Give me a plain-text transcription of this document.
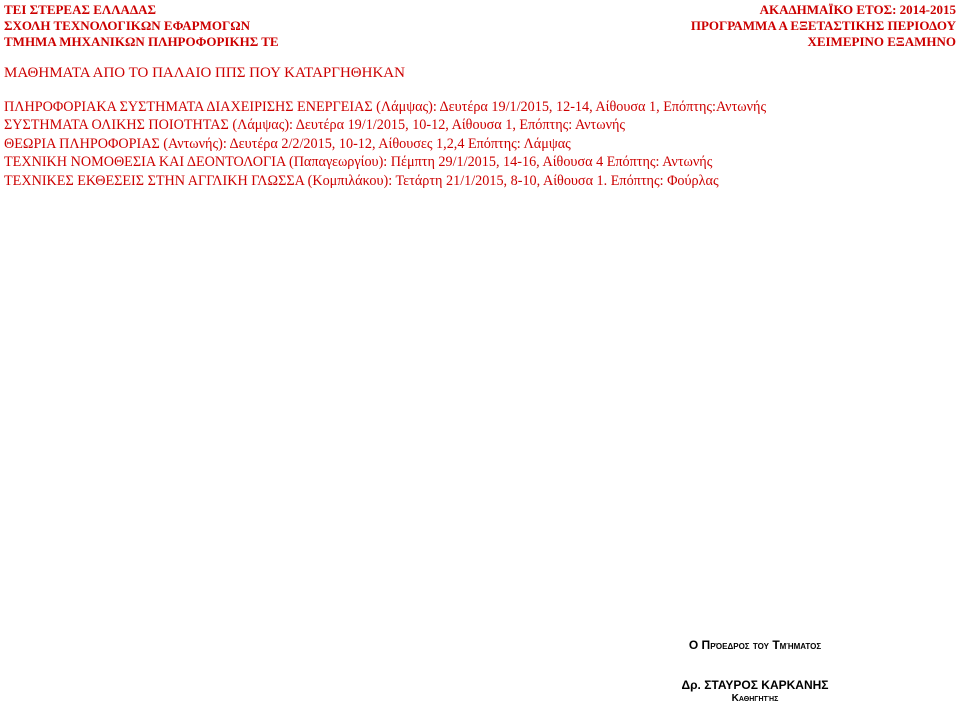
ΤΕΙ ΣΤΕΡΕΑΣ ΕΛΛΑΔΑΣ
ΣΧΟΛΗ ΤΕΧΝΟΛΟΓΙΚΩΝ ΕΦΑΡΜΟΓΩΝ
ΤΜΗΜΑ ΜΗΧΑΝΙΚΩΝ ΠΛΗΡΟΦΟΡΙΚΗΣ ΤΕ
ΑΚΑΔΗΜΑΪΚΟ ΕΤΟΣ: 2014-2015
ΠΡΟΓΡΑΜΜΑ Α ΕΞΕΤΑΣΤΙΚΗΣ ΠΕΡΙΟΔΟΥ
ΧΕΙΜΕΡΙΝΟ ΕΞΑΜΗΝΟ
ΜΑΘΗΜΑΤΑ ΑΠΟ ΤΟ ΠΑΛΑΙΟ ΠΠΣ ΠΟΥ ΚΑΤΑΡΓΗΘΗΚΑΝ
ΠΛΗΡΟΦΟΡΙΑΚΑ ΣΥΣΤΗΜΑΤΑ ΔΙΑΧΕΙΡΙΣΗΣ ΕΝΕΡΓΕΙΑΣ (Λάμψας): Δευτέρα 19/1/2015, 12-14, Αίθουσα 1, Επόπτης:Αντωνής
ΣΥΣΤΗΜΑΤΑ ΟΛΙΚΗΣ ΠΟΙΟΤΗΤΑΣ (Λάμψας): Δευτέρα 19/1/2015, 10-12, Αίθουσα 1, Επόπτης: Αντωνής
ΘΕΩΡΙΑ ΠΛΗΡΟΦΟΡΙΑΣ (Αντωνής): Δευτέρα 2/2/2015, 10-12, Αίθουσες 1,2,4 Επόπτης: Λάμψας
ΤΕΧΝΙΚΗ ΝΟΜΟΘΕΣΙΑ ΚΑΙ ΔΕΟΝΤΟΛΟΓΙΑ (Παπαγεωργίου): Πέμπτη 29/1/2015, 14-16, Αίθουσα 4 Επόπτης: Αντωνής
ΤΕΧΝΙΚΕΣ ΕΚΘΕΣΕΙΣ ΣΤΗΝ ΑΓΓΛΙΚΗ ΓΛΩΣΣΑ (Κομπιλάκου): Τετάρτη 21/1/2015, 8-10, Αίθουσα 1. Επόπτης: Φούρλας
Ο Πρόεδρος του Τμήματος
Δρ. ΣΤΑΥΡΟΣ ΚΑΡΚΑΝΗΣ
Καθηγητής
